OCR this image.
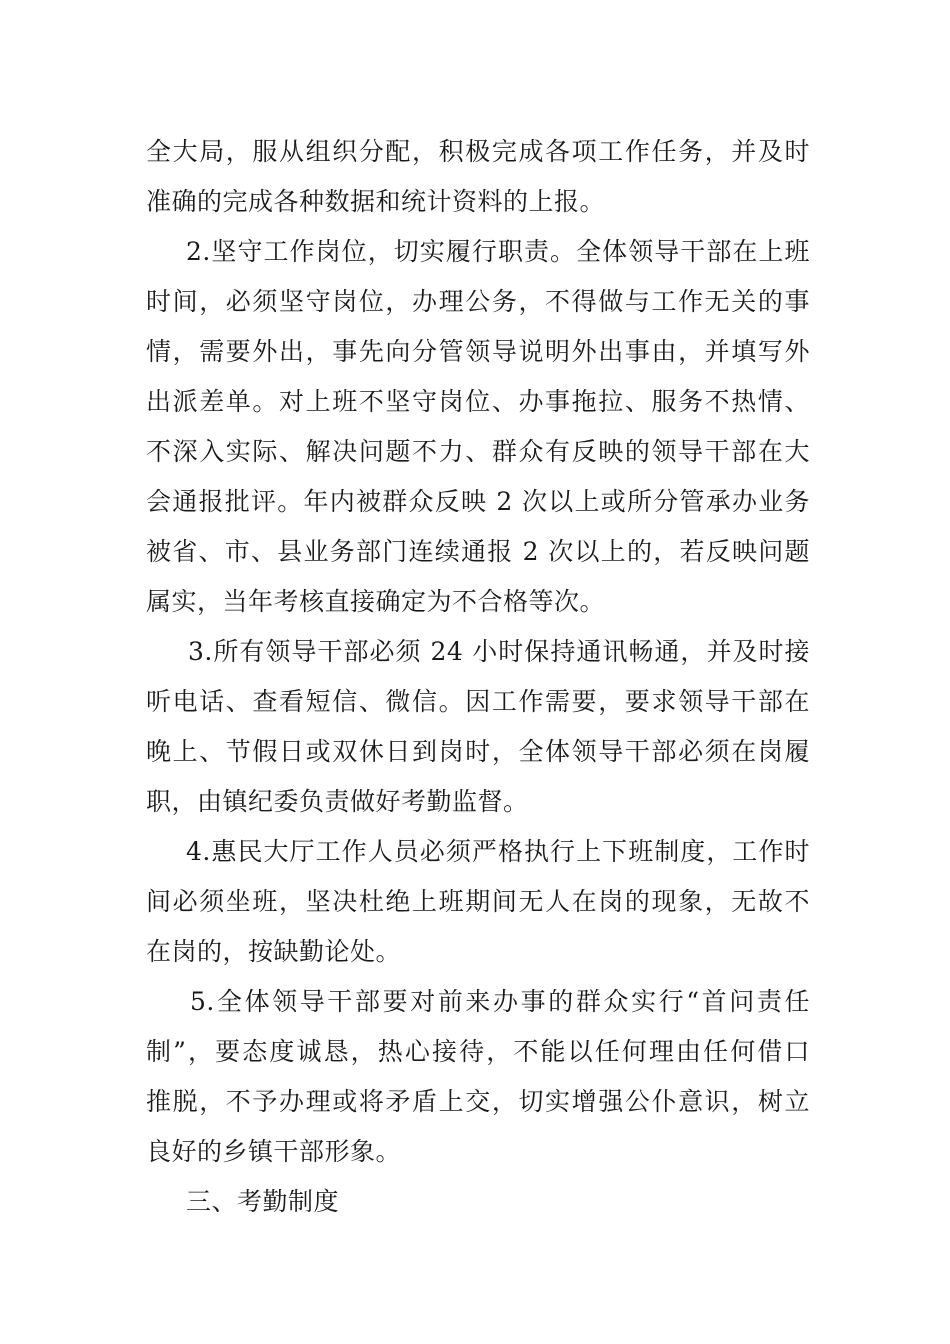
全大局，服从组织分配，积极完成各项工作任务，并及时
准确的完成各种数据和统计资料的上报。
2.坚守工作岗位，切实履行职责。全体领导干部在上班
时间，必须坚守岗位，办理公务，不得做与工作无关的事
情，需要外出，事先向分管领导说明外出事由，并填写外
出派差单。对上班不坚守岗位、办事拖拉、服务不热情、
不深入实际、解决问题不力、群众有反映的领导干部在大
会通报批评。年内被群众反映 2 次以上或所分管承办业务
被省、市、县业务部门连续通报 2 次以上的，若反映问题
属实，当年考核直接确定为不合格等次。
3.所有领导干部必须 24 小时保持通讯畅通，并及时接
听电话、查看短信、微信。因工作需要，要求领导干部在
晚上、节假日或双休日到岗时，全体领导干部必须在岗履
职，由镇纪委负责做好考勤监督。
4.惠民大厅工作人员必须严格执行上下班制度，工作时
间必须坐班，坚决杜绝上班期间无人在岗的现象，无故不
在岗的，按缺勤论处。
5.全体领导干部要对前来办事的群众实行“首问责任
制”，要态度诚恳，热心接待，不能以任何理由任何借口
推脱，不予办理或将矛盾上交，切实增强公仆意识，树立
良好的乡镇干部形象。
三、考勤制度
